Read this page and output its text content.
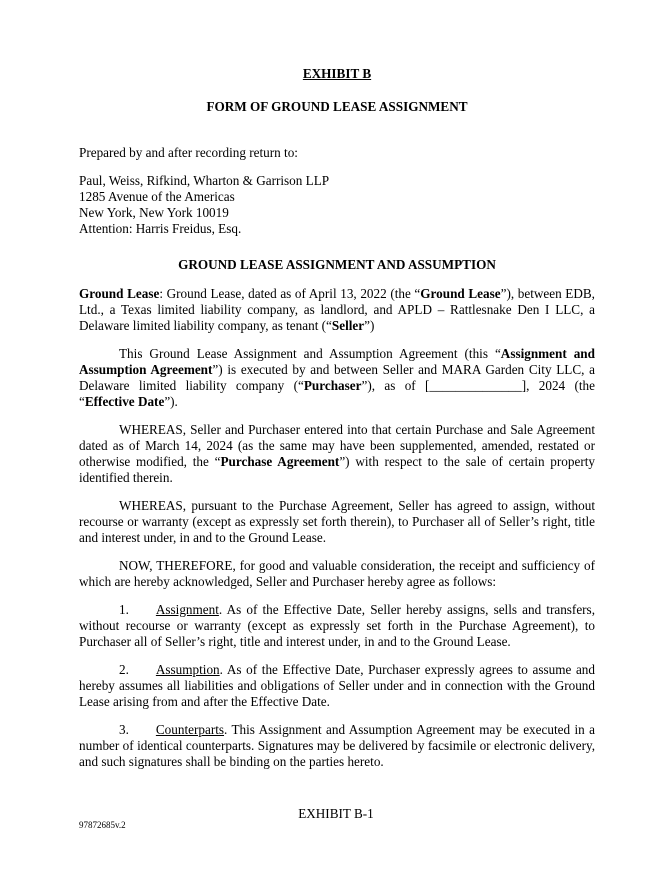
EXHIBIT B
FORM OF GROUND LEASE ASSIGNMENT

Prepared by and after recording return to:

Paul, Weiss, Rifkind, Wharton & Garrison LLP

1285 Avenue of the Americas

New York, New York 10019

Attention: Harris Freidus, Esq.

GROUND LEASE ASSIGNMENT AND ASSUMPTION

Ground Lease: Ground Lease, dated as of April 13, 2022 (the “Ground Lease”), between EDB, Ltd., a Texas limited liability company, as landlord, and APLD – Rattlesnake Den I LLC, a Delaware limited liability company, as tenant (“Seller”)

This Ground Lease Assignment and Assumption Agreement (this “Assignment and Assumption Agreement”) is executed by and between Seller and MARA Garden City LLC, a Delaware limited liability company (“Purchaser”), as of [______________], 2024 (the “Effective Date”).

WHEREAS, Seller and Purchaser entered into that certain Purchase and Sale Agreement dated as of March 14, 2024 (as the same may have been supplemented, amended, restated or otherwise modified, the “Purchase Agreement”) with respect to the sale of certain property identified therein.

WHEREAS, pursuant to the Purchase Agreement, Seller has agreed to assign, without recourse or warranty (except as expressly set forth therein), to Purchaser all of Seller’s right, title and interest under, in and to the Ground Lease.

NOW, THEREFORE, for good and valuable consideration, the receipt and sufficiency of which are hereby acknowledged, Seller and Purchaser hereby agree as follows:

1. Assignment. As of the Effective Date, Seller hereby assigns, sells and transfers, without recourse or warranty (except as expressly set forth in the Purchase Agreement), to Purchaser all of Seller’s right, title and interest under, in and to the Ground Lease.

2. Assumption. As of the Effective Date, Purchaser expressly agrees to assume and hereby assumes all liabilities and obligations of Seller under and in connection with the Ground Lease arising from and after the Effective Date.

3. Counterparts. This Assignment and Assumption Agreement may be executed in a number of identical counterparts. Signatures may be delivered by facsimile or electronic delivery, and such signatures shall be binding on the parties hereto.

EXHIBIT B-1
97872685v.2
